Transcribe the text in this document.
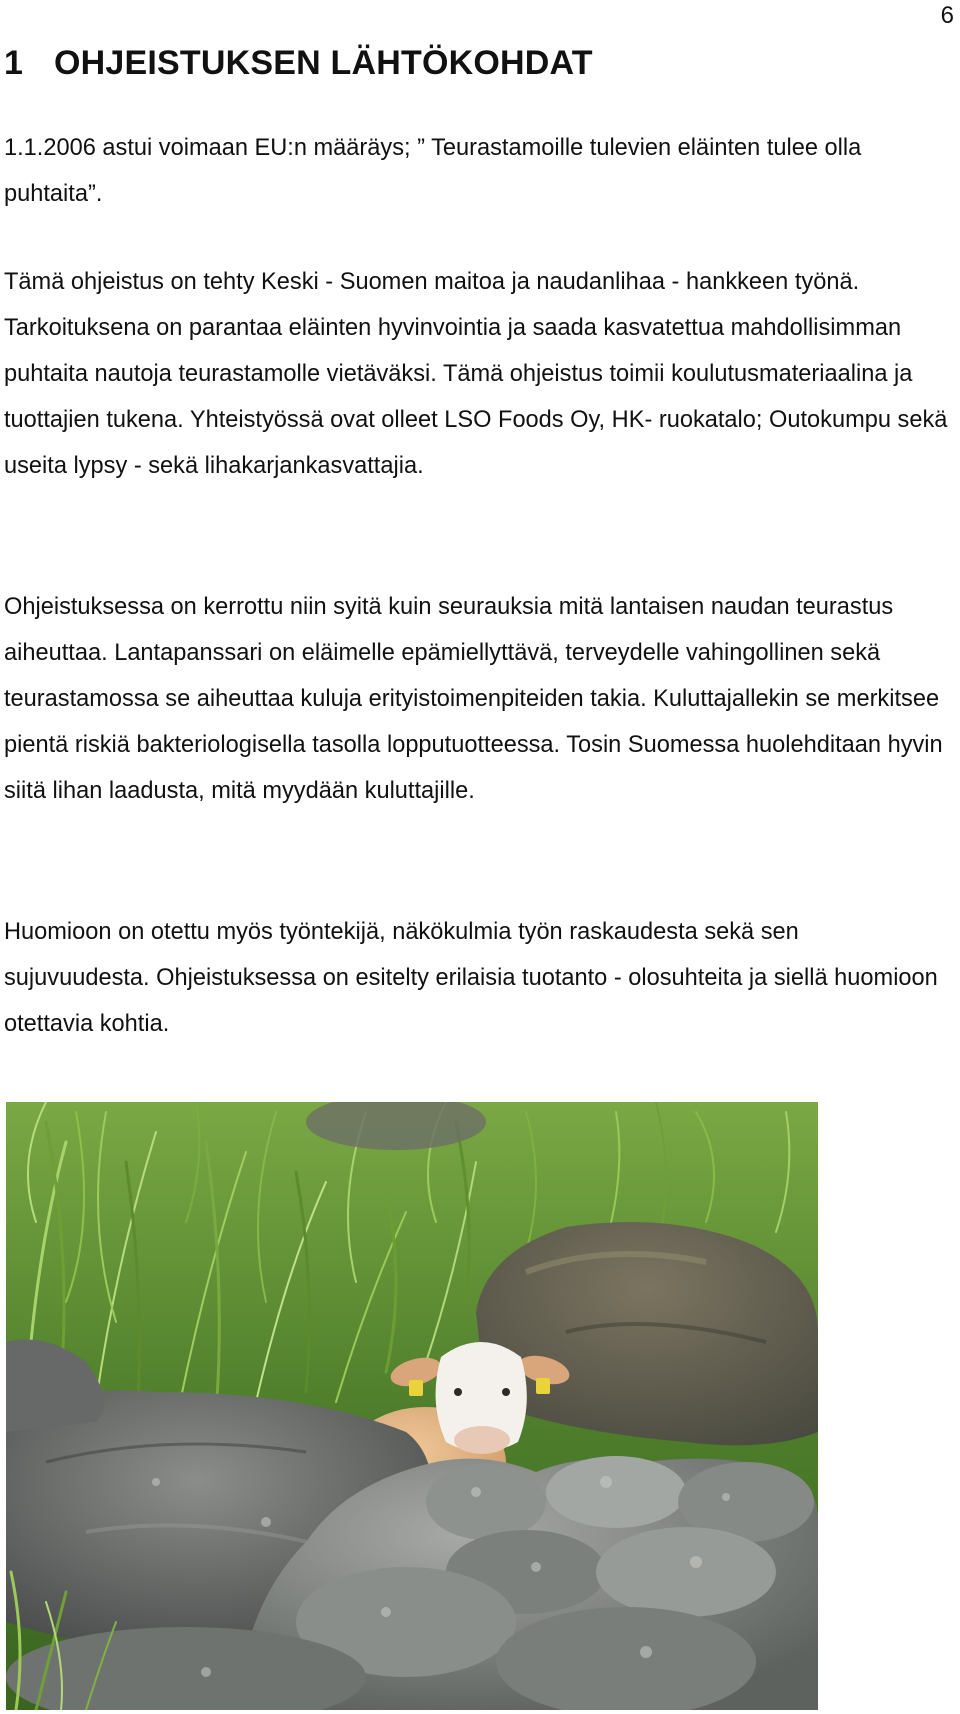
6
1 OHJEISTUKSEN LÄHTÖKOHDAT

1.1.2006 astui voimaan EU:n määräys; ” Teurastamoille tulevien eläinten tulee olla puhtaita”.

Tämä ohjeistus on tehty Keski - Suomen maitoa ja naudanlihaa - hankkeen työnä. Tarkoituksena on parantaa eläinten hyvinvointia ja saada kasvatettua mahdollisimman puhtaita nautoja teurastamolle vietäväksi. Tämä ohjeistus toimii koulutusmateriaalina ja tuottajien tukena. Yhteistyössä ovat olleet LSO Foods Oy, HK- ruokatalo; Outokumpu sekä useita lypsy - sekä lihakarjankasvattajia.

Ohjeistuksessa on kerrottu niin syitä kuin seurauksia mitä lantaisen naudan teurastus aiheuttaa. Lantapanssari on eläimelle epämiellyttävä, terveydelle vahingollinen sekä teurastamossa se aiheuttaa kuluja erityistoimenpiteiden takia. Kuluttajallekin se merkitsee pientä riskiä bakteriologisella tasolla lopputuotteessa. Tosin Suomessa huolehditaan hyvin siitä lihan laadusta, mitä myydään kuluttajille.

Huomioon on otettu myös työntekijä, näkökulmia työn raskaudesta sekä sen sujuvuudesta. Ohjeistuksessa on esitelty erilaisia tuotanto - olosuhteita ja siellä huomioon otettavia kohtia.
